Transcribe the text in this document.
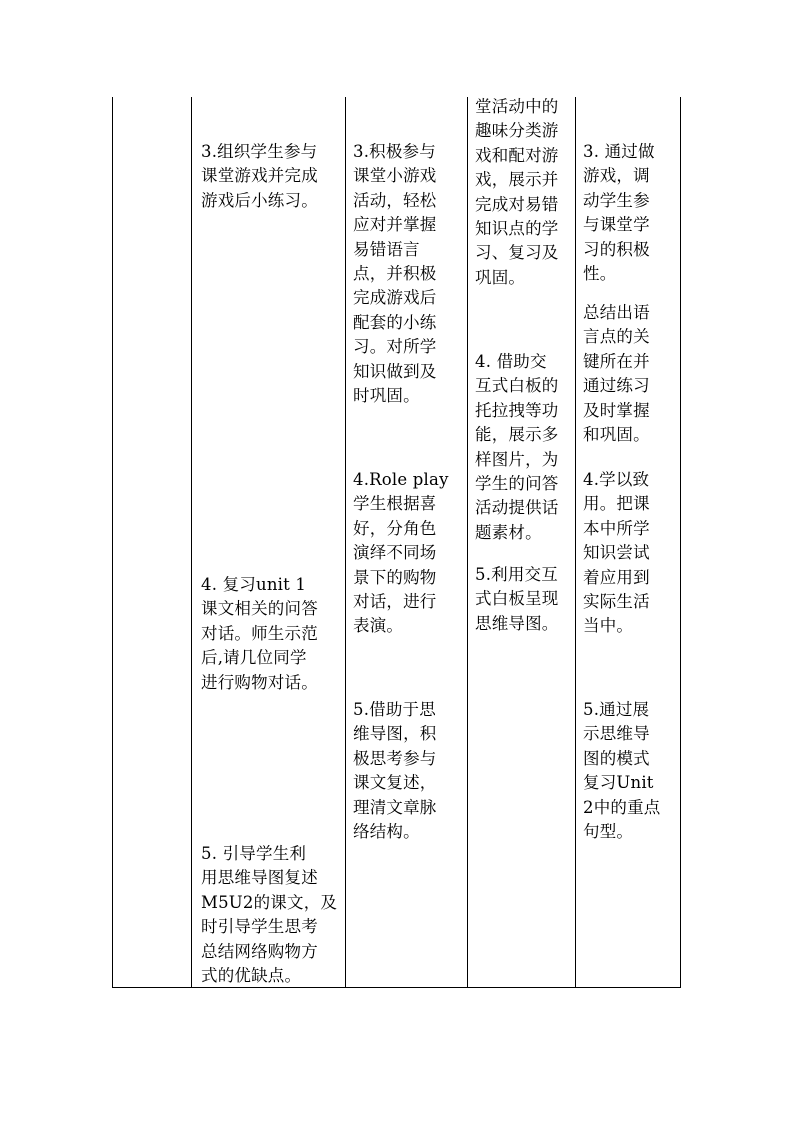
3.组织学生参与
课堂游戏并完成
游戏后小练习。
4. 复习unit 1
课文相关的问答
对话。师生示范
后,请几位同学
进行购物对话。
5. 引导学生利
用思维导图复述
M5U2的课文，及
时引导学生思考
总结网络购物方
式的优缺点。
3.积极参与
课堂小游戏
活动，轻松
应对并掌握
易错语言
点，并积极
完成游戏后
配套的小练
习。对所学
知识做到及
时巩固。
4.Role play
学生根据喜
好，分角色
演绎不同场
景下的购物
对话，进行
表演。
5.借助于思
维导图，积
极思考参与
课文复述，
理清文章脉
络结构。
堂活动中的
趣味分类游
戏和配对游
戏，展示并
完成对易错
知识点的学
习、复习及
巩固。
4. 借助交
互式白板的
托拉拽等功
能，展示多
样图片，为
学生的问答
活动提供话
题素材。
5.利用交互
式白板呈现
思维导图。
3. 通过做
游戏，调
动学生参
与课堂学
习的积极
性。
总结出语
言点的关
键所在并
通过练习
及时掌握
和巩固。
4.学以致
用。把课
本中所学
知识尝试
着应用到
实际生活
当中。
5.通过展
示思维导
图的模式
复习Unit
2中的重点
句型。
